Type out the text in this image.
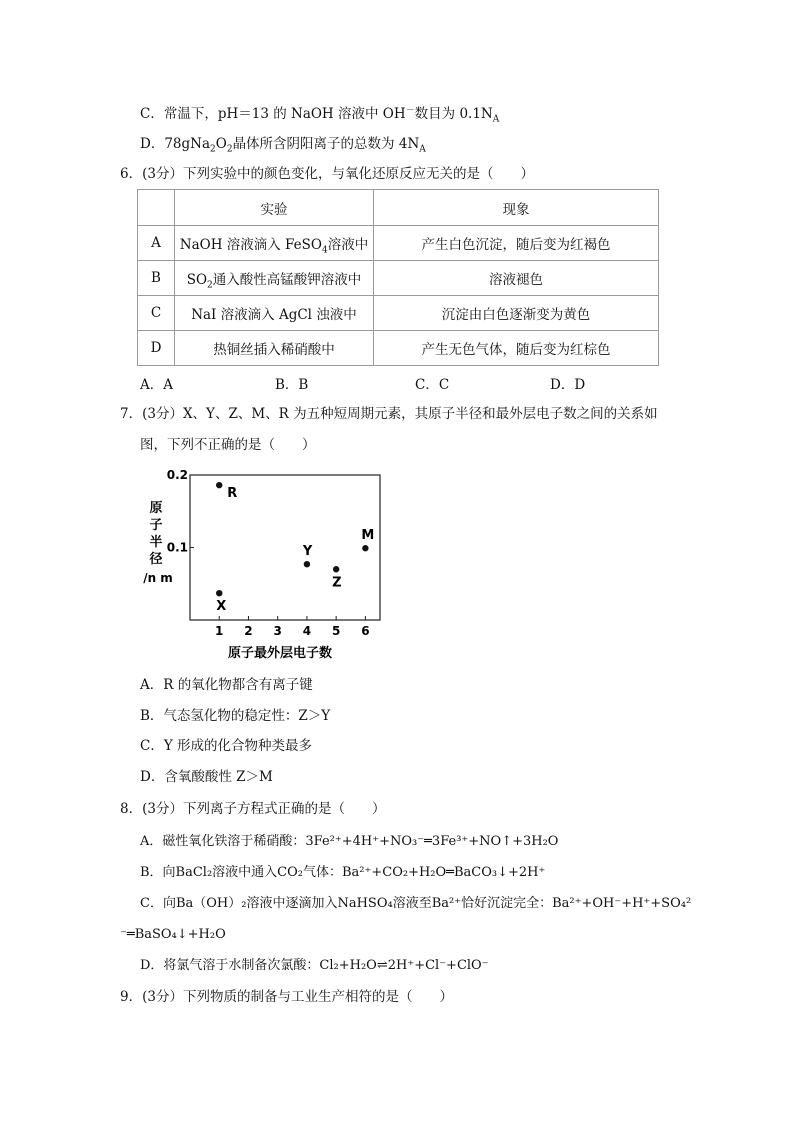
C．常温下，pH＝13 的 NaOH 溶液中 OH－数目为 $0.1N_A$
D．$78gNa_2O_2$晶体所含阴阳离子的总数为 $4N_A$
6．(3分）下列实验中的颜色变化，与氧化还原反应无关的是（　　）
	实验	现象
A	NaOH 溶液滴入 FeSO$_4$溶液中	产生白色沉淀，随后变为红褐色
B	$SO_2$通入酸性高锰酸钾溶液中	溶液褪色
C	NaI 溶液滴入 AgCl 浊液中	沉淀由白色逐渐变为黄色
D	热铜丝插入稀硝酸中	产生无色气体，随后变为红棕色
A．A	B．B	C．C	D．D
7．(3分）X、Y、Z、M、R 为五种短周期元素，其原子半径和最外层电子数之间的关系如
图，下列不正确的是（　　）
原
子
半
径
/n m
0.2
0.1
1 2 3 4 5 6
R
X
Y
Z
M
原子最外层电子数
A．R 的氧化物都含有离子键
B．气态氢化物的稳定性：Z＞Y
C．Y 形成的化合物种类最多
D．含氧酸酸性 Z＞M
8．(3分）下列离子方程式正确的是（　　）
A．磁性氧化铁溶于稀硝酸：3Fe²⁺+4H⁺+NO₃⁻═3Fe³⁺+NO↑+3H₂O
B．向BaCl₂溶液中通入CO₂气体：Ba²⁺+CO₂+H₂O═BaCO₃↓+2H⁺
C．向Ba（OH）₂溶液中逐滴加入NaHSO₄溶液至Ba²⁺恰好沉淀完全：Ba²⁺+OH⁻+H⁺+SO₄²
⁻═BaSO₄↓+H₂O
D．将氯气溶于水制备次氯酸：Cl₂+H₂O⇌2H⁺+Cl⁻+ClO⁻
9．(3分）下列物质的制备与工业生产相符的是（　　）
